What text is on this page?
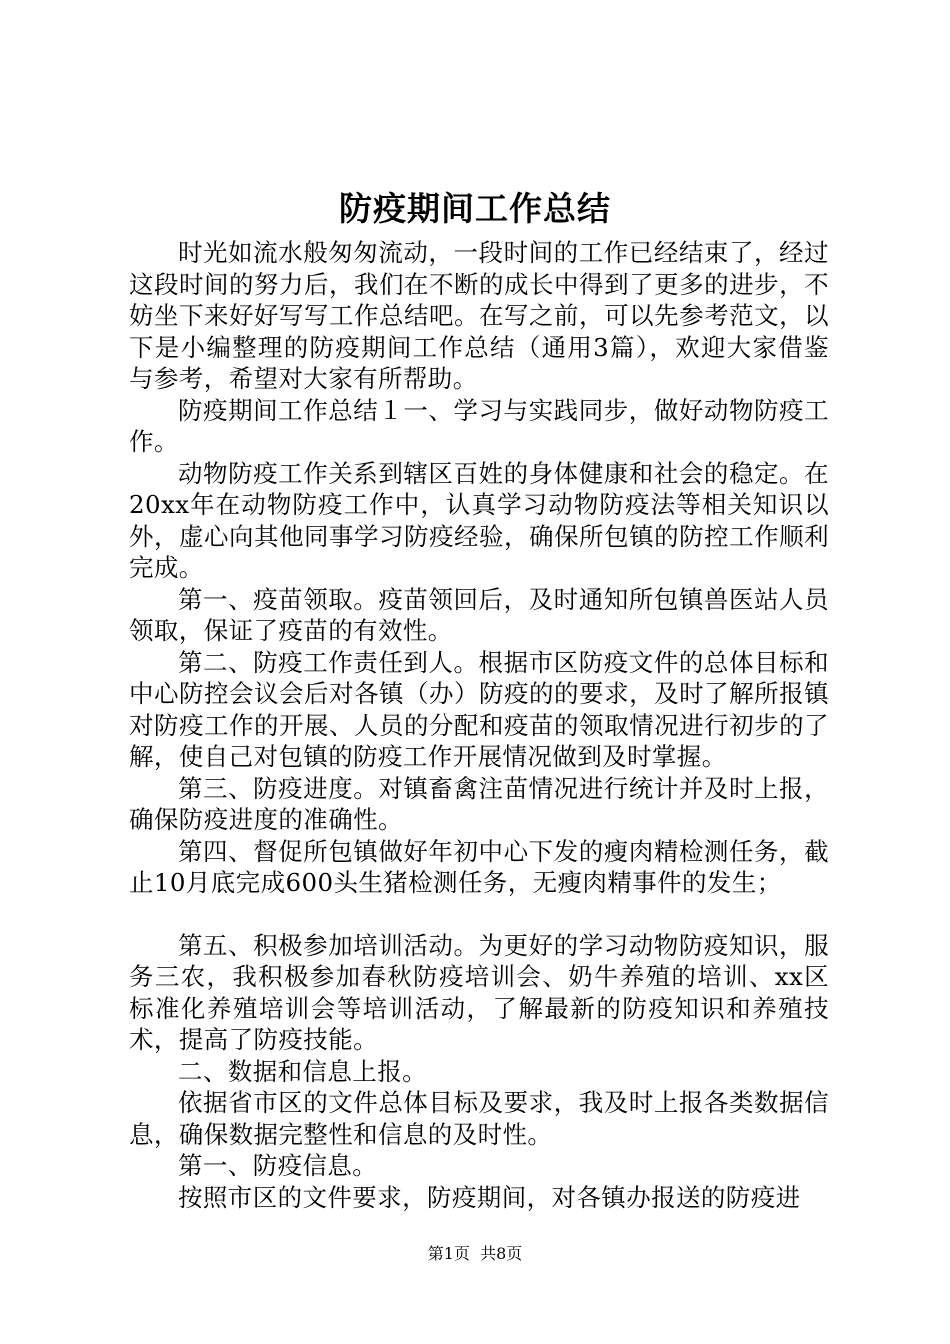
防疫期间工作总结

时光如流水般匆匆流动，一段时间的工作已经结束了，经过这段时间的努力后，我们在不断的成长中得到了更多的进步，不妨坐下来好好写写工作总结吧。在写之前，可以先参考范文，以下是小编整理的防疫期间工作总结（通用3篇），欢迎大家借鉴与参考，希望对大家有所帮助。

防疫期间工作总结１一、学习与实践同步，做好动物防疫工作。

动物防疫工作关系到辖区百姓的身体健康和社会的稳定。在20xx年在动物防疫工作中，认真学习动物防疫法等相关知识以外，虚心向其他同事学习防疫经验，确保所包镇的防控工作顺利完成。

第一、疫苗领取。疫苗领回后，及时通知所包镇兽医站人员领取，保证了疫苗的有效性。

第二、防疫工作责任到人。根据市区防疫文件的总体目标和中心防控会议会后对各镇（办）防疫的的要求，及时了解所报镇对防疫工作的开展、人员的分配和疫苗的领取情况进行初步的了解，使自己对包镇的防疫工作开展情况做到及时掌握。

第三、防疫进度。对镇畜禽注苗情况进行统计并及时上报，确保防疫进度的准确性。

第四、督促所包镇做好年初中心下发的瘦肉精检测任务，截止10月底完成600头生猪检测任务，无瘦肉精事件的发生；

第五、积极参加培训活动。为更好的学习动物防疫知识，服务三农，我积极参加春秋防疫培训会、奶牛养殖的培训、xx区标准化养殖培训会等培训活动，了解最新的防疫知识和养殖技术，提高了防疫技能。

二、数据和信息上报。

依据省市区的文件总体目标及要求，我及时上报各类数据信息，确保数据完整性和信息的及时性。

第一、防疫信息。

按照市区的文件要求，防疫期间，对各镇办报送的防疫进

第1页 共8页
